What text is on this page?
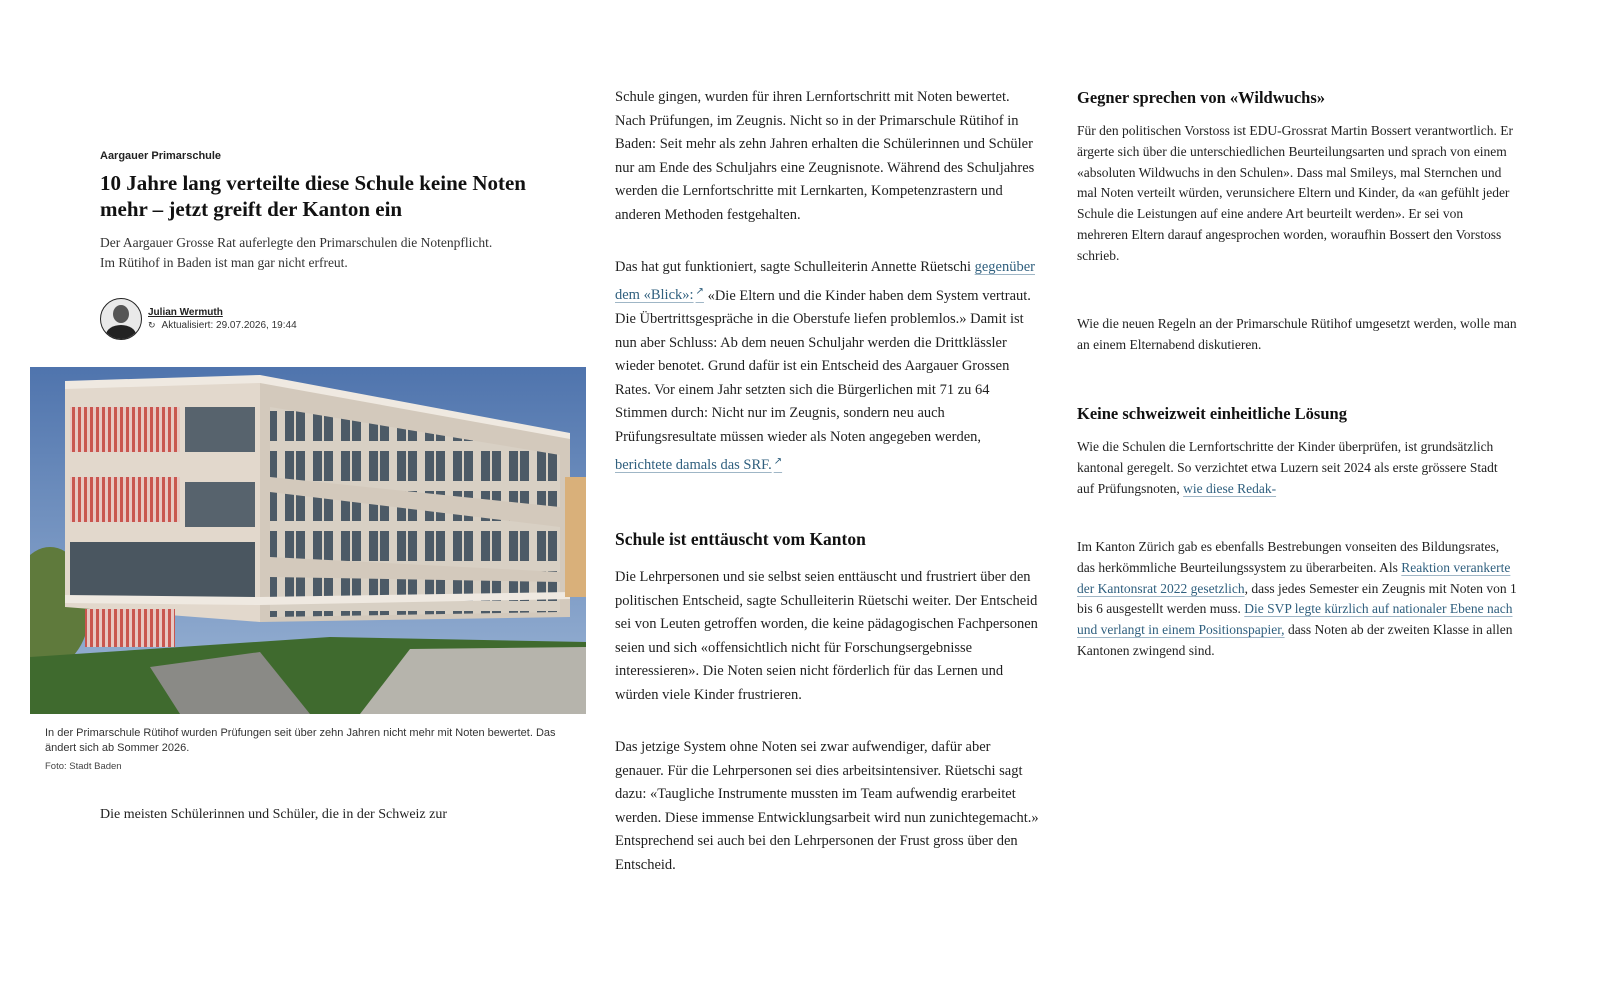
Aargauer Primarschule
10 Jahre lang verteilte diese Schule keine Noten mehr – jetzt greift der Kanton ein

Der Aargauer Grosse Rat auferlegte den Primarschulen die Notenpflicht. Im Rütihof in Baden ist man gar nicht erfreut.

Julian Wermuth
↻ Aktualisiert: 29.07.2026, 19:44
In der Primarschule Rütihof wurden Prüfungen seit über zehn Jahren nicht mehr mit Noten bewertet. Das ändert sich ab Sommer 2026.
Foto: Stadt Baden

Die meisten Schülerinnen und Schüler, die in der Schweiz zur

Schule gingen, wurden für ihren Lernfortschritt mit Noten bewertet. Nach Prüfungen, im Zeugnis. Nicht so in der Primarschule Rütihof in Baden: Seit mehr als zehn Jahren erhalten die Schülerinnen und Schüler nur am Ende des Schuljahrs eine Zeugnisnote. Während des Schuljahres werden die Lernfortschritte mit Lernkarten, Kompetenzrastern und anderen Methoden festgehalten.

Das hat gut funktioniert, sagte Schulleiterin Annette Rüetschi gegenüber dem «Blick»: ↗ «Die Eltern und die Kinder haben dem System vertraut. Die Übertrittsgespräche in die Oberstufe liefen problemlos.» Damit ist nun aber Schluss: Ab dem neuen Schuljahr werden die Drittklässler wieder benotet. Grund dafür ist ein Entscheid des Aargauer Grossen Rates. Vor einem Jahr setzten sich die Bürgerlichen mit 71 zu 64 Stimmen durch: Nicht nur im Zeugnis, sondern neu auch Prüfungsresultate müssen wieder als Noten angegeben werden, berichtete damals das SRF. ↗

Schule ist enttäuscht vom Kanton

Die Lehrpersonen und sie selbst seien enttäuscht und frustriert über den politischen Entscheid, sagte Schulleiterin Rüetschi weiter. Der Entscheid sei von Leuten getroffen worden, die keine pädagogischen Fachpersonen seien und sich «offensichtlich nicht für Forschungsergebnisse interessieren». Die Noten seien nicht förderlich für das Lernen und würden viele Kinder frustrieren.

Das jetzige System ohne Noten sei zwar aufwendiger, dafür aber genauer. Für die Lehrpersonen sei dies arbeitsintensiver. Rüetschi sagt dazu: «Taugliche Instrumente mussten im Team aufwendig erarbeitet werden. Diese immense Entwicklungsarbeit wird nun zunichtegemacht.» Entsprechend sei auch bei den Lehrpersonen der Frust gross über den Entscheid.

Gegner sprechen von «Wildwuchs»

Für den politischen Vorstoss ist EDU-Grossrat Martin Bossert verantwortlich. Er ärgerte sich über die unterschiedlichen Beurteilungsarten und sprach von einem «absoluten Wildwuchs in den Schulen». Dass mal Smileys, mal Sternchen und mal Noten verteilt würden, verunsichere Eltern und Kinder, da «an gefühlt jeder Schule die Leistungen auf eine andere Art beurteilt werden». Er sei von mehreren Eltern darauf angesprochen worden, woraufhin Bossert den Vorstoss schrieb.

Wie die neuen Regeln an der Primarschule Rütihof umgesetzt werden, wolle man an einem Elternabend diskutieren.

Keine schweizweit einheitliche Lösung

Wie die Schulen die Lernfortschritte der Kinder überprüfen, ist grundsätzlich kantonal geregelt. So verzichtet etwa Luzern seit 2024 als erste grössere Stadt auf Prüfungsnoten, wie diese Redak-

Im Kanton Zürich gab es ebenfalls Bestrebungen vonseiten des Bildungsrates, das herkömmliche Beurteilungssystem zu überarbeiten. Als Reaktion verankerte der Kantonsrat 2022 gesetzlich, dass jedes Semester ein Zeugnis mit Noten von 1 bis 6 ausgestellt werden muss. Die SVP legte kürzlich auf nationaler Ebene nach und verlangt in einem Positionspapier, dass Noten ab der zweiten Klasse in allen Kantonen zwingend sind.
